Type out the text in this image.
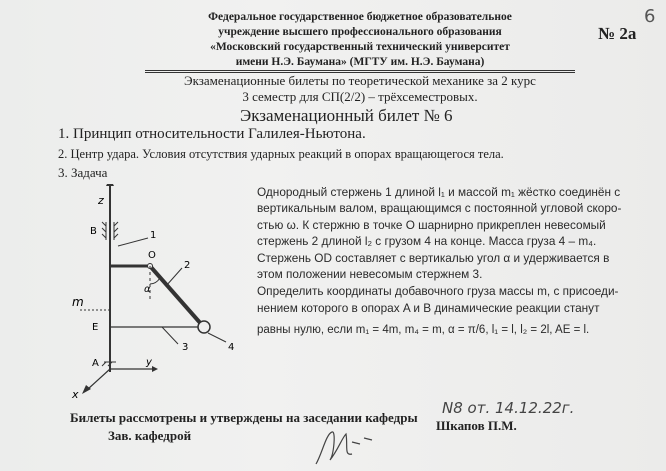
Федеральное государственное бюджетное образовательное
учреждение высшего профессионального образования
«Московский государственный технический университет
имени Н.Э. Баумана» (МГТУ им. Н.Э. Баумана)
№ 2а
6
Экзаменационные билеты по теоретической механике за 2 курс
3 семестр для СП(2/2) – трёхсеместровых.
Экзаменационный билет № 6
1. Принцип относительности Галилея-Ньютона.
2. Центр удара. Условия отсутствия ударных реакций в опорах вращающегося тела.
3. Задача
z
B	1
O
2
α
m
E
3	4
A	y
x
Однородный стержень 1 длиной l₁ и массой m₁ жёстко соединён с
вертикальным валом, вращающимся с постоянной угловой скоро-
стью ω. К стержню в точке О шарнирно прикреплен невесомый
стержень 2 длиной l₂ с грузом 4 на конце. Масса груза 4 – m₄.
Стержень OD составляет с вертикалью угол α и удерживается в
этом положении невесомым стержнем 3.
Определить координаты добавочного груза массы m, с присоеди-
нением которого в опорах A и B динамические реакции станут
равны нулю, если m₁ = 4m, m₄ = m, α = π/6, l₁ = l, l₂ = 2l, AE = l.
Билеты рассмотрены и утверждены на заседании кафедры
N8 от. 14.12.22г.
Зав. кафедрой
Шкапов П.М.
